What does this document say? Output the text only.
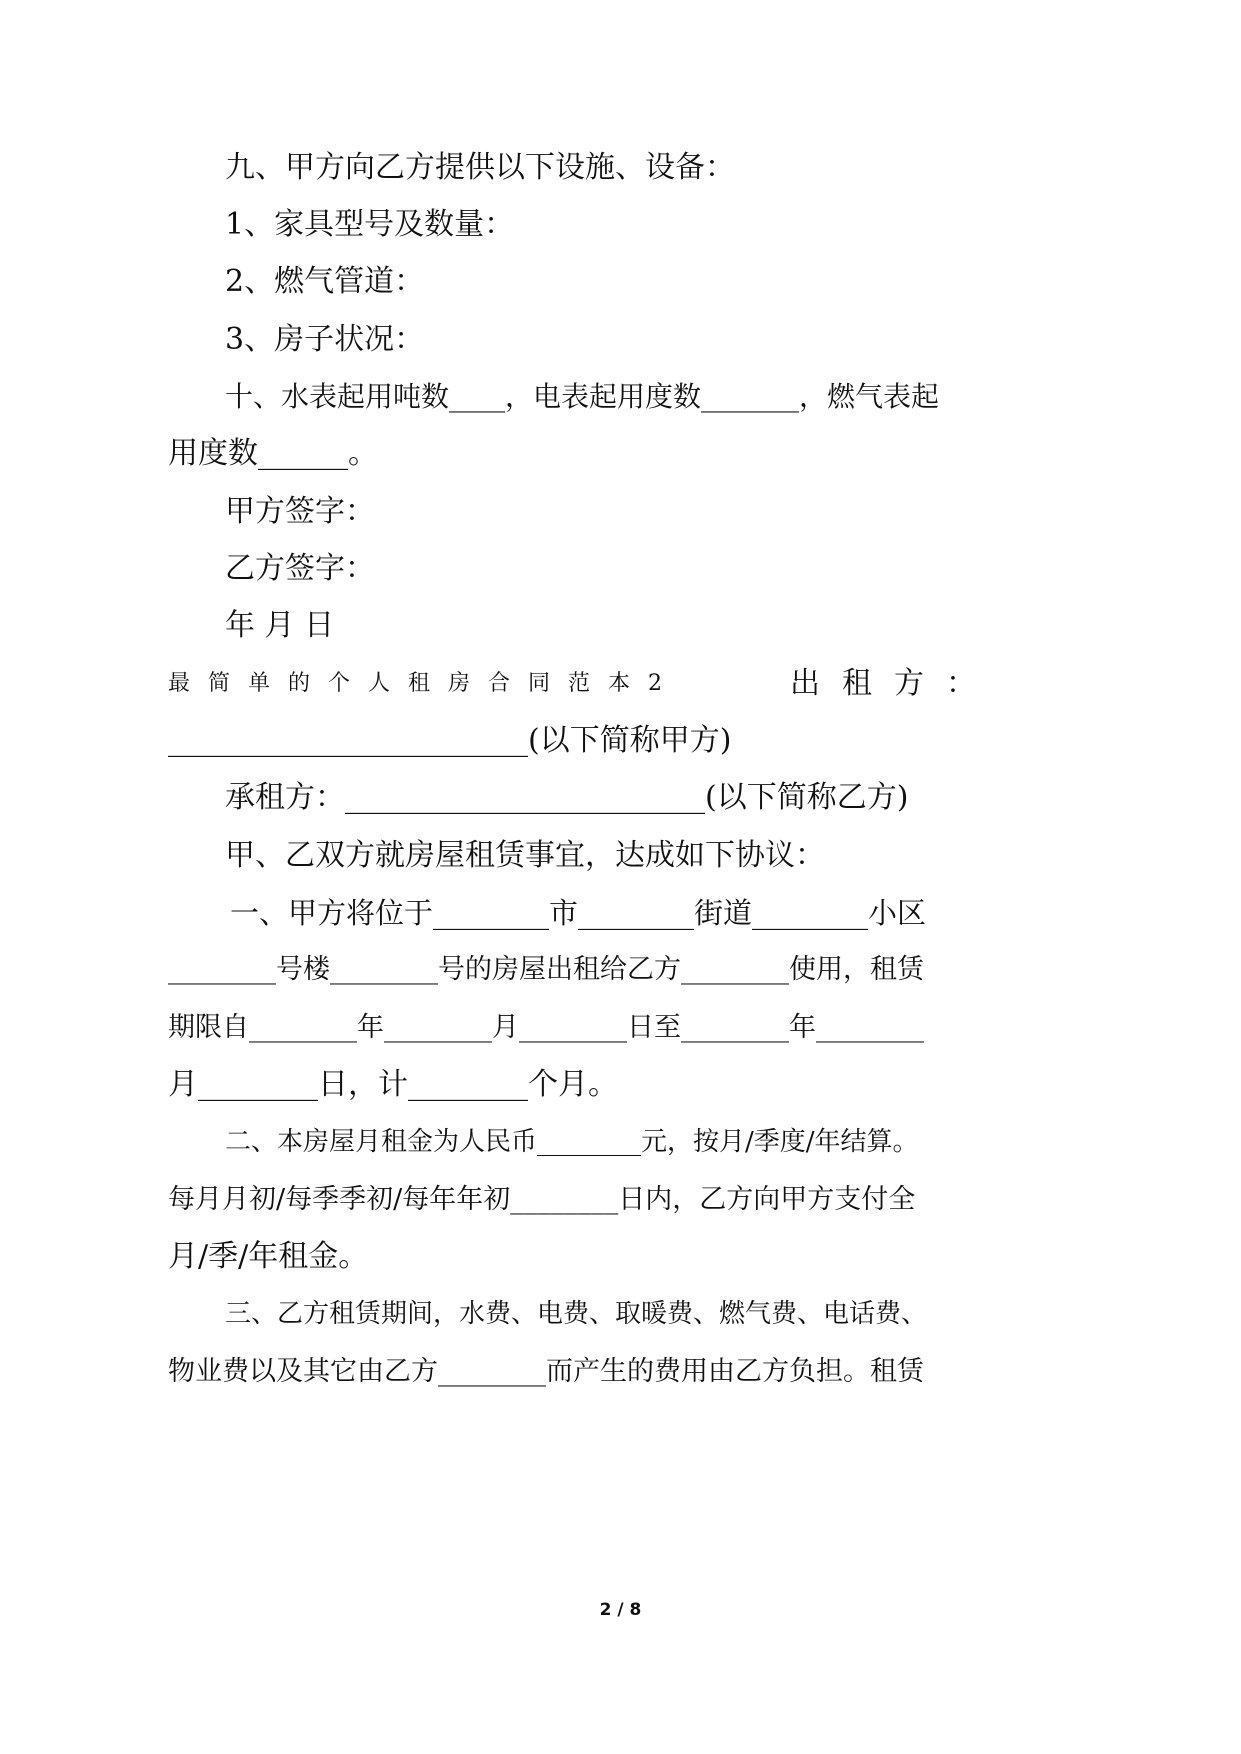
九、甲方向乙方提供以下设施、设备：
1、家具型号及数量：
2、燃气管道：
3、房子状况：
十、水表起用吨数____，电表起用度数_______，燃气表起
用度数______。
甲方签字：
乙方签字：
年 月 日
最简单的个人租房合同范本2	出租方：
________________________(以下简称甲方)
承租方：________________________(以下简称乙方)
甲、乙双方就房屋租赁事宜，达成如下协议：
一、甲方将位于________市________街道________小区
________号楼________号的房屋出租给乙方________使用，租赁
期限自________年________月________日至________年________
月________日，计________个月。
二、本房屋月租金为人民币________元，按月/季度/年结算。
每月月初/每季季初/每年年初________日内，乙方向甲方支付全
月/季/年租金。
三、乙方租赁期间，水费、电费、取暖费、燃气费、电话费、
物业费以及其它由乙方________而产生的费用由乙方负担。租赁
2 / 8
